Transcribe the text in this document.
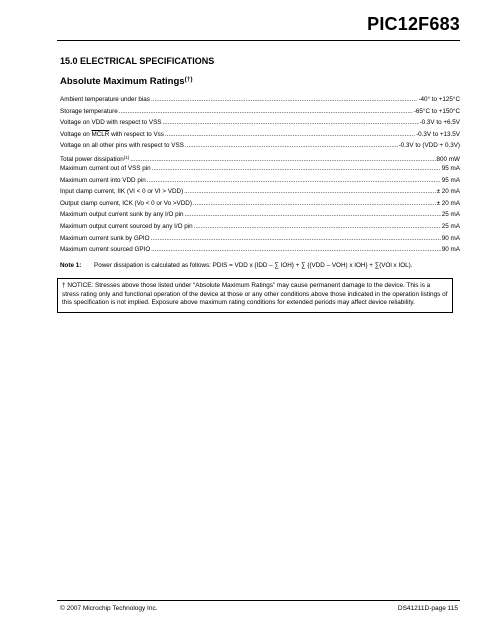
PIC12F683
15.0 ELECTRICAL SPECIFICATIONS
Absolute Maximum Ratings(†)
Ambient temperature under bias .....	-40° to +125°C
Storage temperature .....	-65°C to +150°C
Voltage on VDD with respect to VSS .....	-0.3V to +6.5V
Voltage on MCLR with respect to Vss .....	-0.3V to +13.5V
Voltage on all other pins with respect to VSS .....	-0.3V to (VDD + 0.3V)
Total power dissipation$^{(1)}$ .....	800 mW
Maximum current out of VSS pin .....	95 mA
Maximum current into VDD pin .....	95 mA
Input clamp current, IIK (VI < 0 or VI > VDD) .....	± 20 mA
Output clamp current, ICK (Vo < 0 or Vo >VDD) .....	± 20 mA
Maximum output current sunk by any I/O pin .....	25 mA
Maximum output current sourced by any I/O pin .....	25 mA
Maximum current sunk by GPIO .....	90 mA
Maximum current sourced GPIO .....	90 mA
Note 1:	Power dissipation is calculated as follows: PDIS = VDD x {IDD – ∑ IOH} + ∑ {(VDD – VOH) x IOH} + ∑(VOl x IOL).
† NOTICE: Stresses above those listed under “Absolute Maximum Ratings” may cause permanent damage to the device. This is a stress rating only and functional operation of the device at those or any other conditions above those indicated in the operation listings of this specification is not implied. Exposure above maximum rating conditions for extended periods may affect device reliability.
© 2007 Microchip Technology Inc.	DS41211D-page 115
